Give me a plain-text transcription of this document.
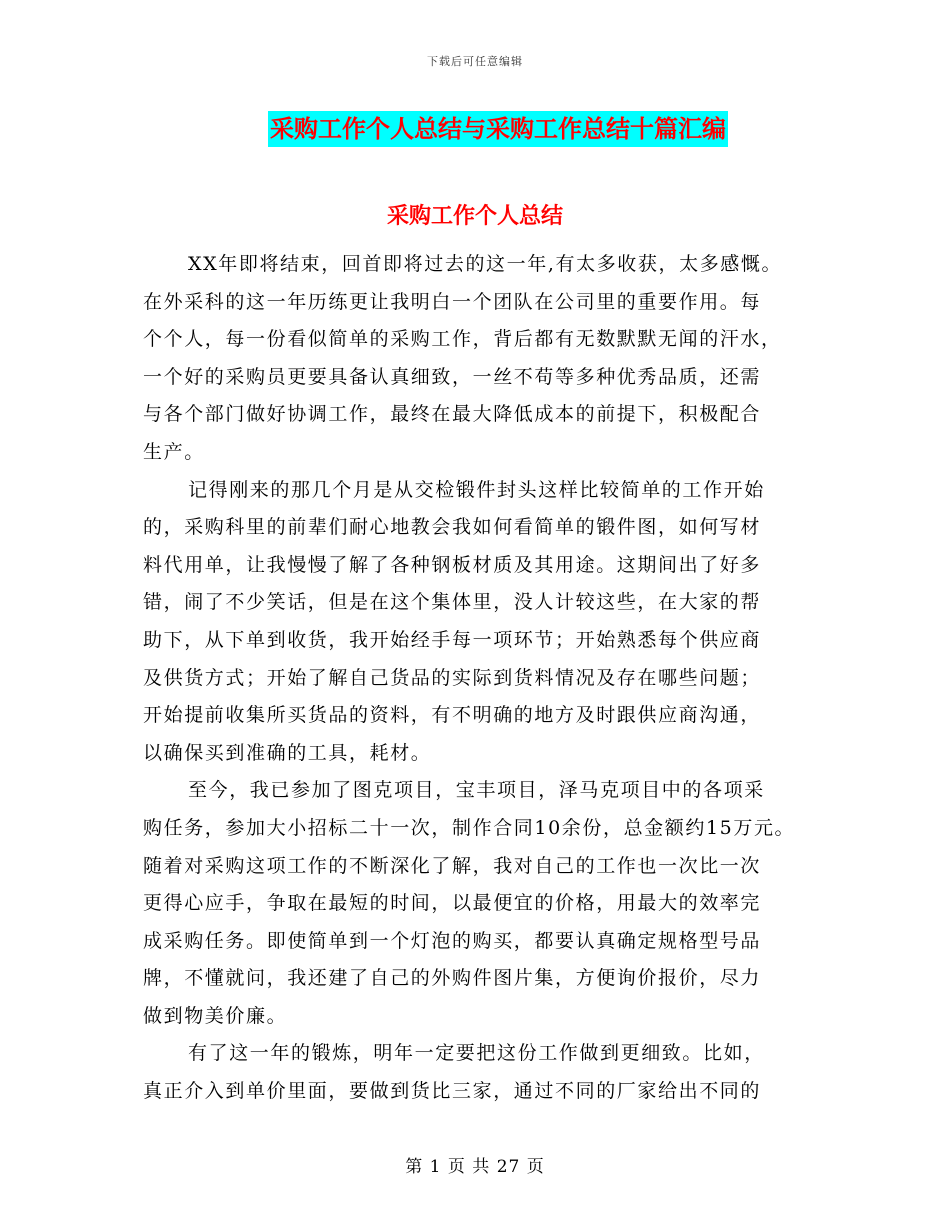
下载后可任意编辑
采购工作个人总结与采购工作总结十篇汇编
采购工作个人总结
XX年即将结束，回首即将过去的这一年,有太多收获，太多感慨。
在外采科的这一年历练更让我明白一个团队在公司里的重要作用。每
个个人，每一份看似简单的采购工作，背后都有无数默默无闻的汗水，
一个好的采购员更要具备认真细致，一丝不苟等多种优秀品质，还需
与各个部门做好协调工作，最终在最大降低成本的前提下，积极配合
生产。
记得刚来的那几个月是从交检锻件封头这样比较简单的工作开始
的，采购科里的前辈们耐心地教会我如何看简单的锻件图，如何写材
料代用单，让我慢慢了解了各种钢板材质及其用途。这期间出了好多
错，闹了不少笑话，但是在这个集体里，没人计较这些，在大家的帮
助下，从下单到收货，我开始经手每一项环节；开始熟悉每个供应商
及供货方式；开始了解自己货品的实际到货料情况及存在哪些问题；
开始提前收集所买货品的资料，有不明确的地方及时跟供应商沟通，
以确保买到准确的工具，耗材。
至今，我已参加了图克项目，宝丰项目，泽马克项目中的各项采
购任务，参加大小招标二十一次，制作合同10余份，总金额约15万元。
随着对采购这项工作的不断深化了解，我对自己的工作也一次比一次
更得心应手，争取在最短的时间，以最便宜的价格，用最大的效率完
成采购任务。即使简单到一个灯泡的购买，都要认真确定规格型号品
牌，不懂就问，我还建了自己的外购件图片集，方便询价报价，尽力
做到物美价廉。
有了这一年的锻炼，明年一定要把这份工作做到更细致。比如，
真正介入到单价里面，要做到货比三家，通过不同的厂家给出不同的
第 1 页 共 27 页
